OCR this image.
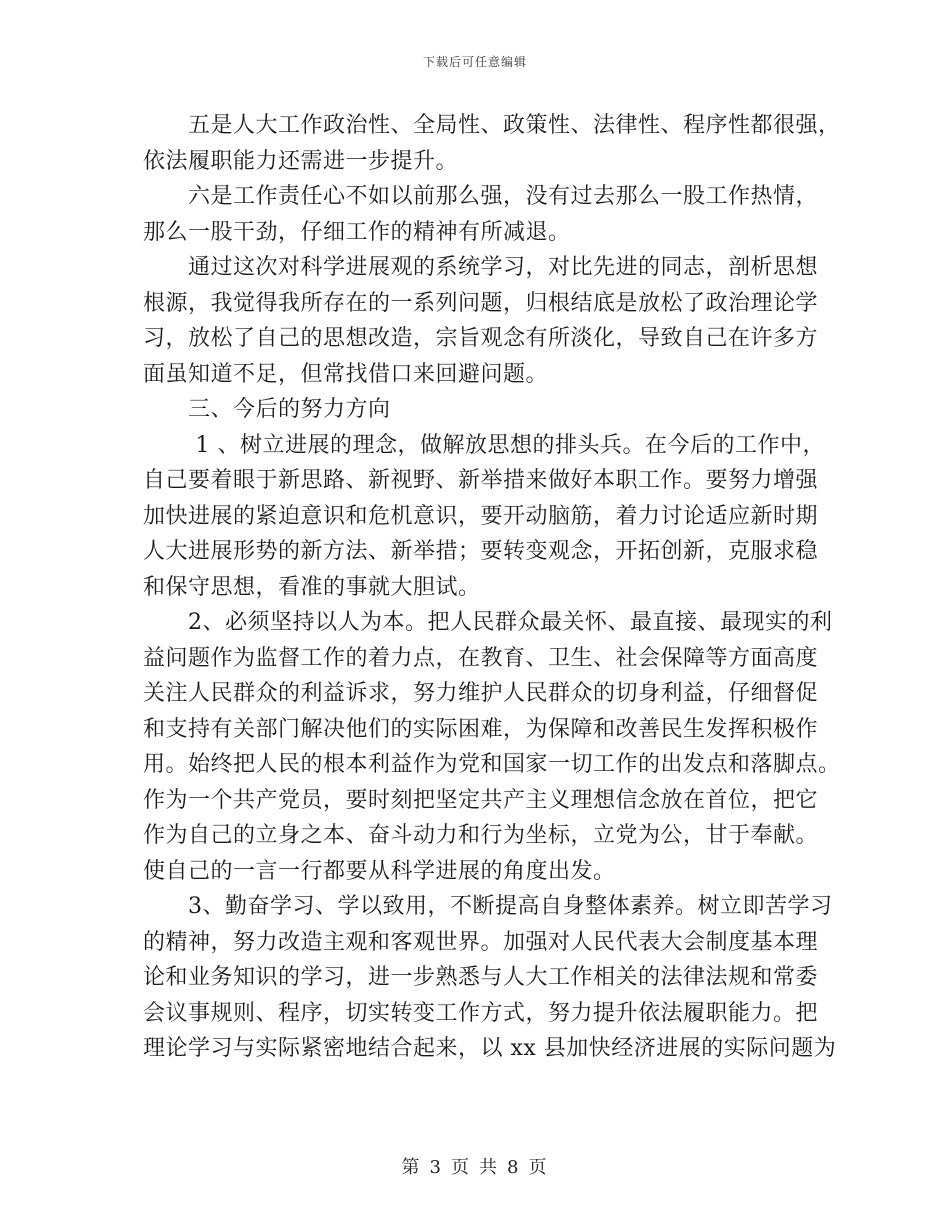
下载后可任意编辑

　　五是人大工作政治性、全局性、政策性、法律性、程序性都很强，
依法履职能力还需进一步提升。

　　六是工作责任心不如以前那么强，没有过去那么一股工作热情，
那么一股干劲，仔细工作的精神有所减退。

　　通过这次对科学进展观的系统学习，对比先进的同志，剖析思想
根源，我觉得我所存在的一系列问题，归根结底是放松了政治理论学
习，放松了自己的思想改造，宗旨观念有所淡化，导致自己在许多方
面虽知道不足，但常找借口来回避问题。

　　三、今后的努力方向

　　 1 、树立进展的理念，做解放思想的排头兵。在今后的工作中，
自己要着眼于新思路、新视野、新举措来做好本职工作。要努力增强
加快进展的紧迫意识和危机意识，要开动脑筋，着力讨论适应新时期
人大进展形势的新方法、新举措；要转变观念，开拓创新，克服求稳
和保守思想，看准的事就大胆试。

　　2、必须坚持以人为本。把人民群众最关怀、最直接、最现实的利
益问题作为监督工作的着力点，在教育、卫生、社会保障等方面高度
关注人民群众的利益诉求，努力维护人民群众的切身利益，仔细督促
和支持有关部门解决他们的实际困难，为保障和改善民生发挥积极作
用。始终把人民的根本利益作为党和国家一切工作的出发点和落脚点。
作为一个共产党员，要时刻把坚定共产主义理想信念放在首位，把它
作为自己的立身之本、奋斗动力和行为坐标，立党为公，甘于奉献。
使自己的一言一行都要从科学进展的角度出发。

　　3、勤奋学习、学以致用，不断提高自身整体素养。树立即苦学习
的精神，努力改造主观和客观世界。加强对人民代表大会制度基本理
论和业务知识的学习，进一步熟悉与人大工作相关的法律法规和常委
会议事规则、程序，切实转变工作方式，努力提升依法履职能力。把
理论学习与实际紧密地结合起来，以 xx 县加快经济进展的实际问题为

第 3 页 共 8 页
